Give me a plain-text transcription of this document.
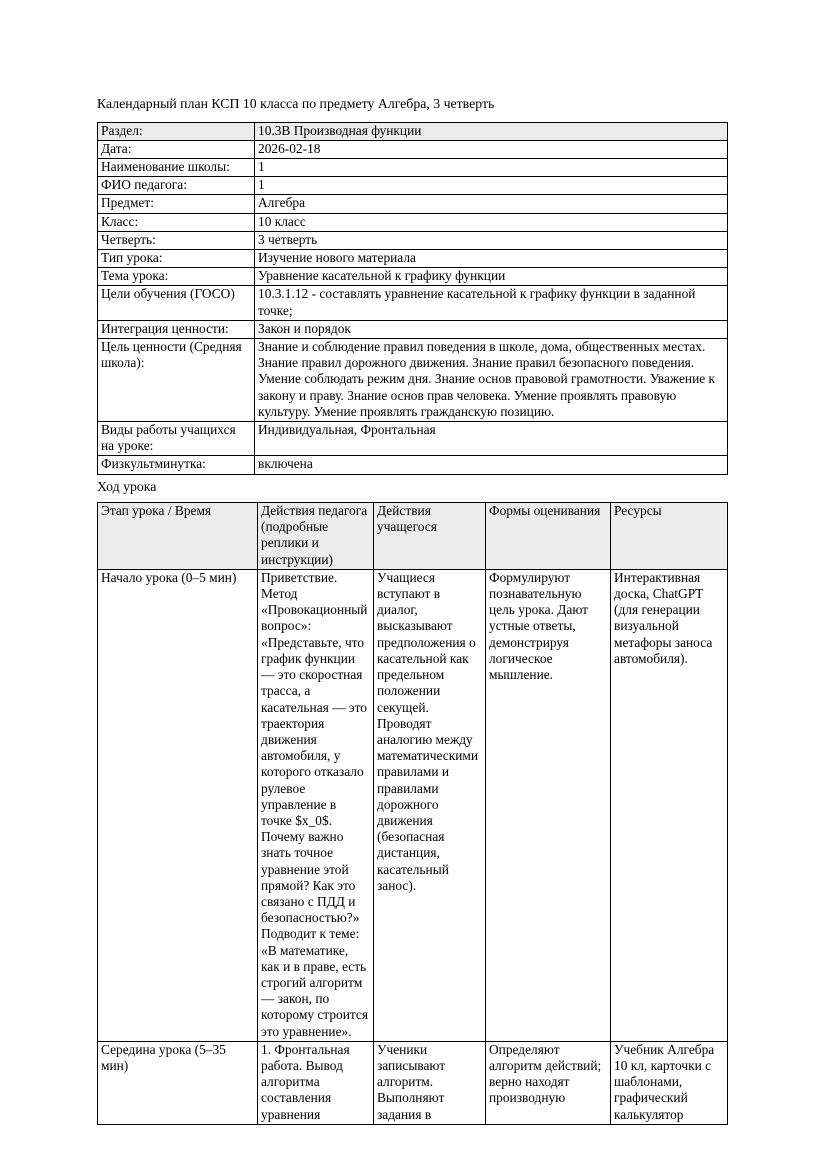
Календарный план КСП 10 класса по предмету Алгебра, 3 четверть

Раздел:	10.3B Производная функции
Дата:	2026-02-18
Наименование школы:	1
ФИО педагога:	1
Предмет:	Алгебра
Класс:	10 класс
Четверть:	3 четверть
Тип урока:	Изучение нового материала
Тема урока:	Уравнение касательной к графику функции
Цели обучения (ГОСО)	10.3.1.12 - составлять уравнение касательной к графику функции в заданной точке;
Интеграция ценности:	Закон и порядок
Цель ценности (Средняя школа):	Знание и соблюдение правил поведения в школе, дома, общественных местах. Знание правил дорожного движения. Знание правил безопасного поведения. Умение соблюдать режим дня. Знание основ правовой грамотности. Уважение к закону и праву. Знание основ прав человека. Умение проявлять правовую культуру. Умение проявлять гражданскую позицию.
Виды работы учащихся на уроке:	Индивидуальная, Фронтальная
Физкультминутка:	включена

Ход урока

Этап урока / Время	Действия педагога (подробные реплики и инструкции)	Действия учащегося	Формы оценивания	Ресурсы
Начало урока (0–5 мин)	Приветствие. Метод «Провокационный вопрос»: «Представьте, что график функции — это скоростная трасса, а касательная — это траектория движения автомобиля, у которого отказало рулевое управление в точке $x_0$. Почему важно знать точное уравнение этой прямой? Как это связано с ПДД и безопасностью?» Подводит к теме: «В математике, как и в праве, есть строгий алгоритм — закон, по которому строится это уравнение».	Учащиеся вступают в диалог, высказывают предположения о касательной как предельном положении секущей. Проводят аналогию между математическими правилами и правилами дорожного движения (безопасная дистанция, касательный занос).	Формулируют познавательную цель урока. Дают устные ответы, демонстрируя логическое мышление.	Интерактивная доска, ChatGPT (для генерации визуальной метафоры заноса автомобиля).
Середина урока (5–35 мин)	1. Фронтальная работа. Вывод алгоритма составления уравнения	Ученики записывают алгоритм. Выполняют задания в	Определяют алгоритм действий; верно находят производную	Учебник Алгебра 10 кл, карточки с шаблонами, графический калькулятор
